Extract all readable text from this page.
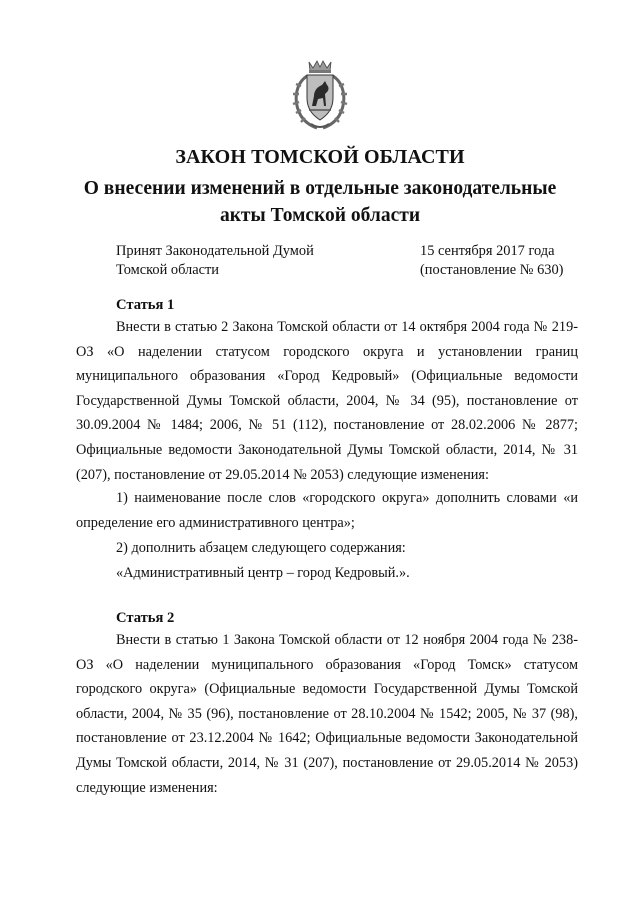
ЗАКОН ТОМСКОЙ ОБЛАСТИ
О внесении изменений в отдельные законодательные
акты Томской области
Принят Законодательной Думой
Томской области
15 сентября 2017 года
(постановление № 630)
Статья 1
Внести в статью 2 Закона Томской области от 14 октября 2004 года № 219-ОЗ «О наделении статусом городского округа и установлении границ муниципального образования «Город Кедровый» (Официальные ведомости Государственной Думы Томской области, 2004, № 34 (95), постановление от 30.09.2004 № 1484; 2006, № 51 (112), постановление от 28.02.2006 № 2877; Официальные ведомости Законодательной Думы Томской области, 2014, № 31 (207), постановление от 29.05.2014 № 2053) следующие изменения:
1) наименование после слов «городского округа» дополнить словами «и определение его административного центра»;
2) дополнить абзацем следующего содержания:
«Административный центр – город Кедровый.».
Статья 2
Внести в статью 1 Закона Томской области от 12 ноября 2004 года № 238-ОЗ «О наделении муниципального образования «Город Томск» статусом городского округа» (Официальные ведомости Государственной Думы Томской области, 2004, № 35 (96), постановление от 28.10.2004 № 1542; 2005, № 37 (98), постановление от 23.12.2004 № 1642; Официальные ведомости Законодательной Думы Томской области, 2014, № 31 (207), постановление от 29.05.2014 № 2053) следующие изменения:
